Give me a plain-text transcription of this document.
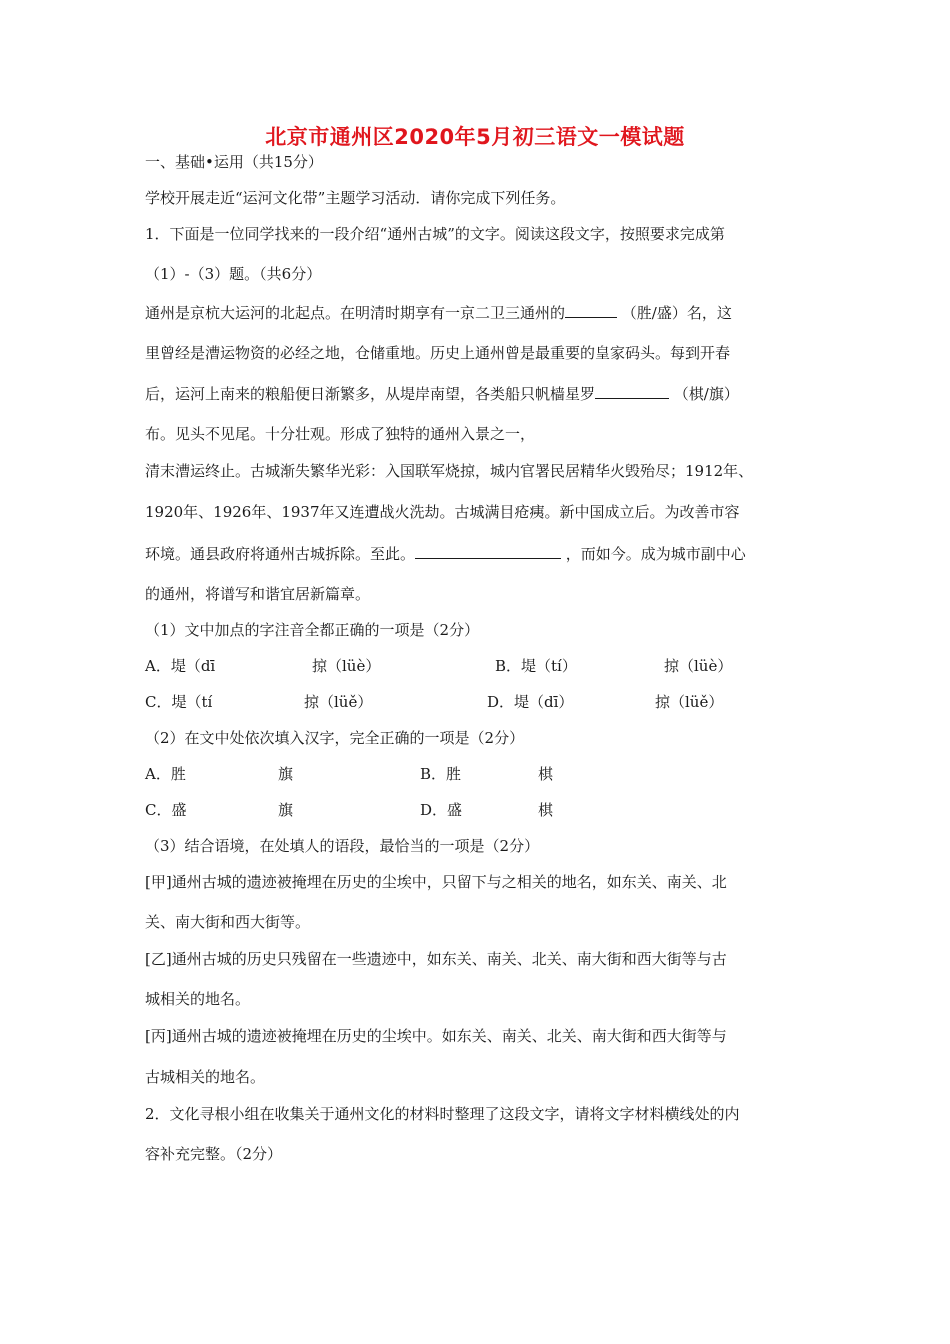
北京市通州区2020年5月初三语文一模试题
一、基础•运用（共15分）
学校开展走近“运河文化带”主题学习活动．请你完成下列任务。
1．下面是一位同学找来的一段介绍“通州古城”的文字。阅读这段文字，按照要求完成第
（1）-（3）题。（共6分）
通州是京杭大运河的北起点。在明清时期享有一京二卫三通州的	（胜/盛）名，这
里曾经是漕运物资的必经之地，仓储重地。历史上通州曾是最重要的皇家码头。每到开春
后，运河上南来的粮船便日渐繁多，从堤岸南望，各类船只帆樯星罗	（棋/旗）
布。见头不见尾。十分壮观。形成了独特的通州入景之一，
清末漕运终止。古城渐失繁华光彩：入国联军烧掠，城内官署民居精华火毁殆尽；1912年、
1920年、1926年、1937年又连遭战火洗劫。古城满目疮痍。新中国成立后。为改善市容
环境。通县政府将通州古城拆除。至此。	，而如今。成为城市副中心
的通州，将谱写和谐宜居新篇章。
（1）文中加点的字注音全都正确的一项是（2分）
A．堤（dī	掠（lüè）	B．堤（tí）	掠（lüè）
C．堤（tí	掠（lüě）	D．堤（dī）	掠（lüě）
（2）在文中处依次填入汉字，完全正确的一项是（2分）
A．胜	旗	B．胜	棋
C．盛	旗	D．盛	棋
（3）结合语境，在处填人的语段，最恰当的一项是（2分）
[甲]通州古城的遗迹被掩埋在历史的尘埃中，只留下与之相关的地名，如东关、南关、北
关、南大街和西大街等。
[乙]通州古城的历史只残留在一些遗迹中，如东关、南关、北关、南大街和西大街等与古
城相关的地名。
[丙]通州古城的遗迹被掩埋在历史的尘埃中。如东关、南关、北关、南大街和西大街等与
古城相关的地名。
2．文化寻根小组在收集关于通州文化的材料时整理了这段文字，请将文字材料横线处的内
容补充完整。（2分）
